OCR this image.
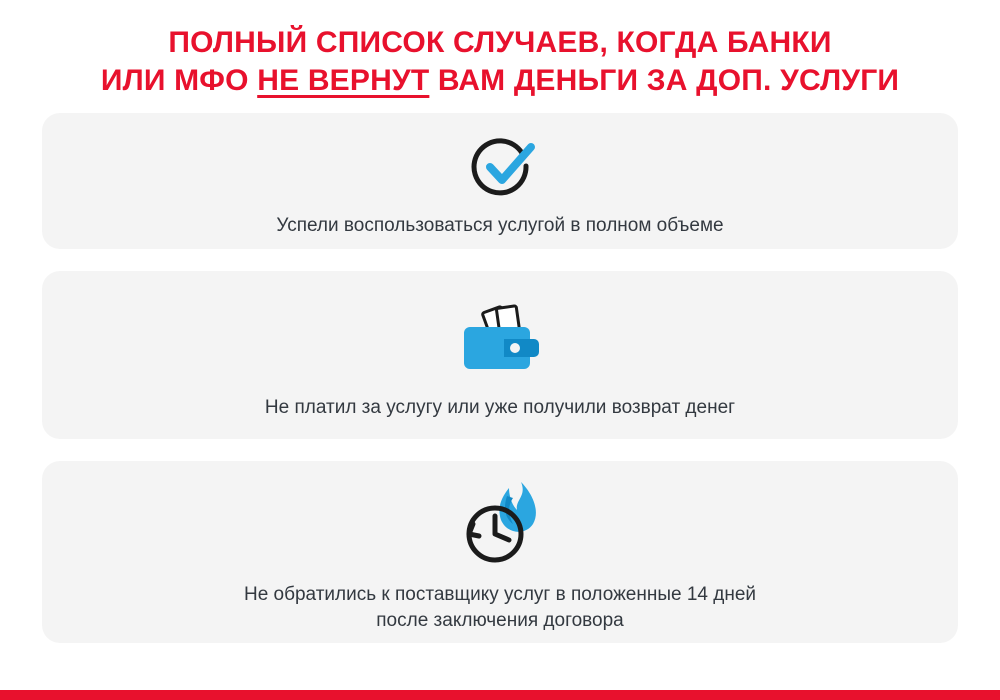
ПОЛНЫЙ СПИСОК СЛУЧАЕВ, КОГДА БАНКИ
ИЛИ МФО НЕ ВЕРНУТ ВАМ ДЕНЬГИ ЗА ДОП. УСЛУГИ
Успели воспользоваться услугой в полном объеме
Не платил за услугу или уже получили возврат денег
Не обратились к поставщику услуг в положенные 14 дней
после заключения договора
